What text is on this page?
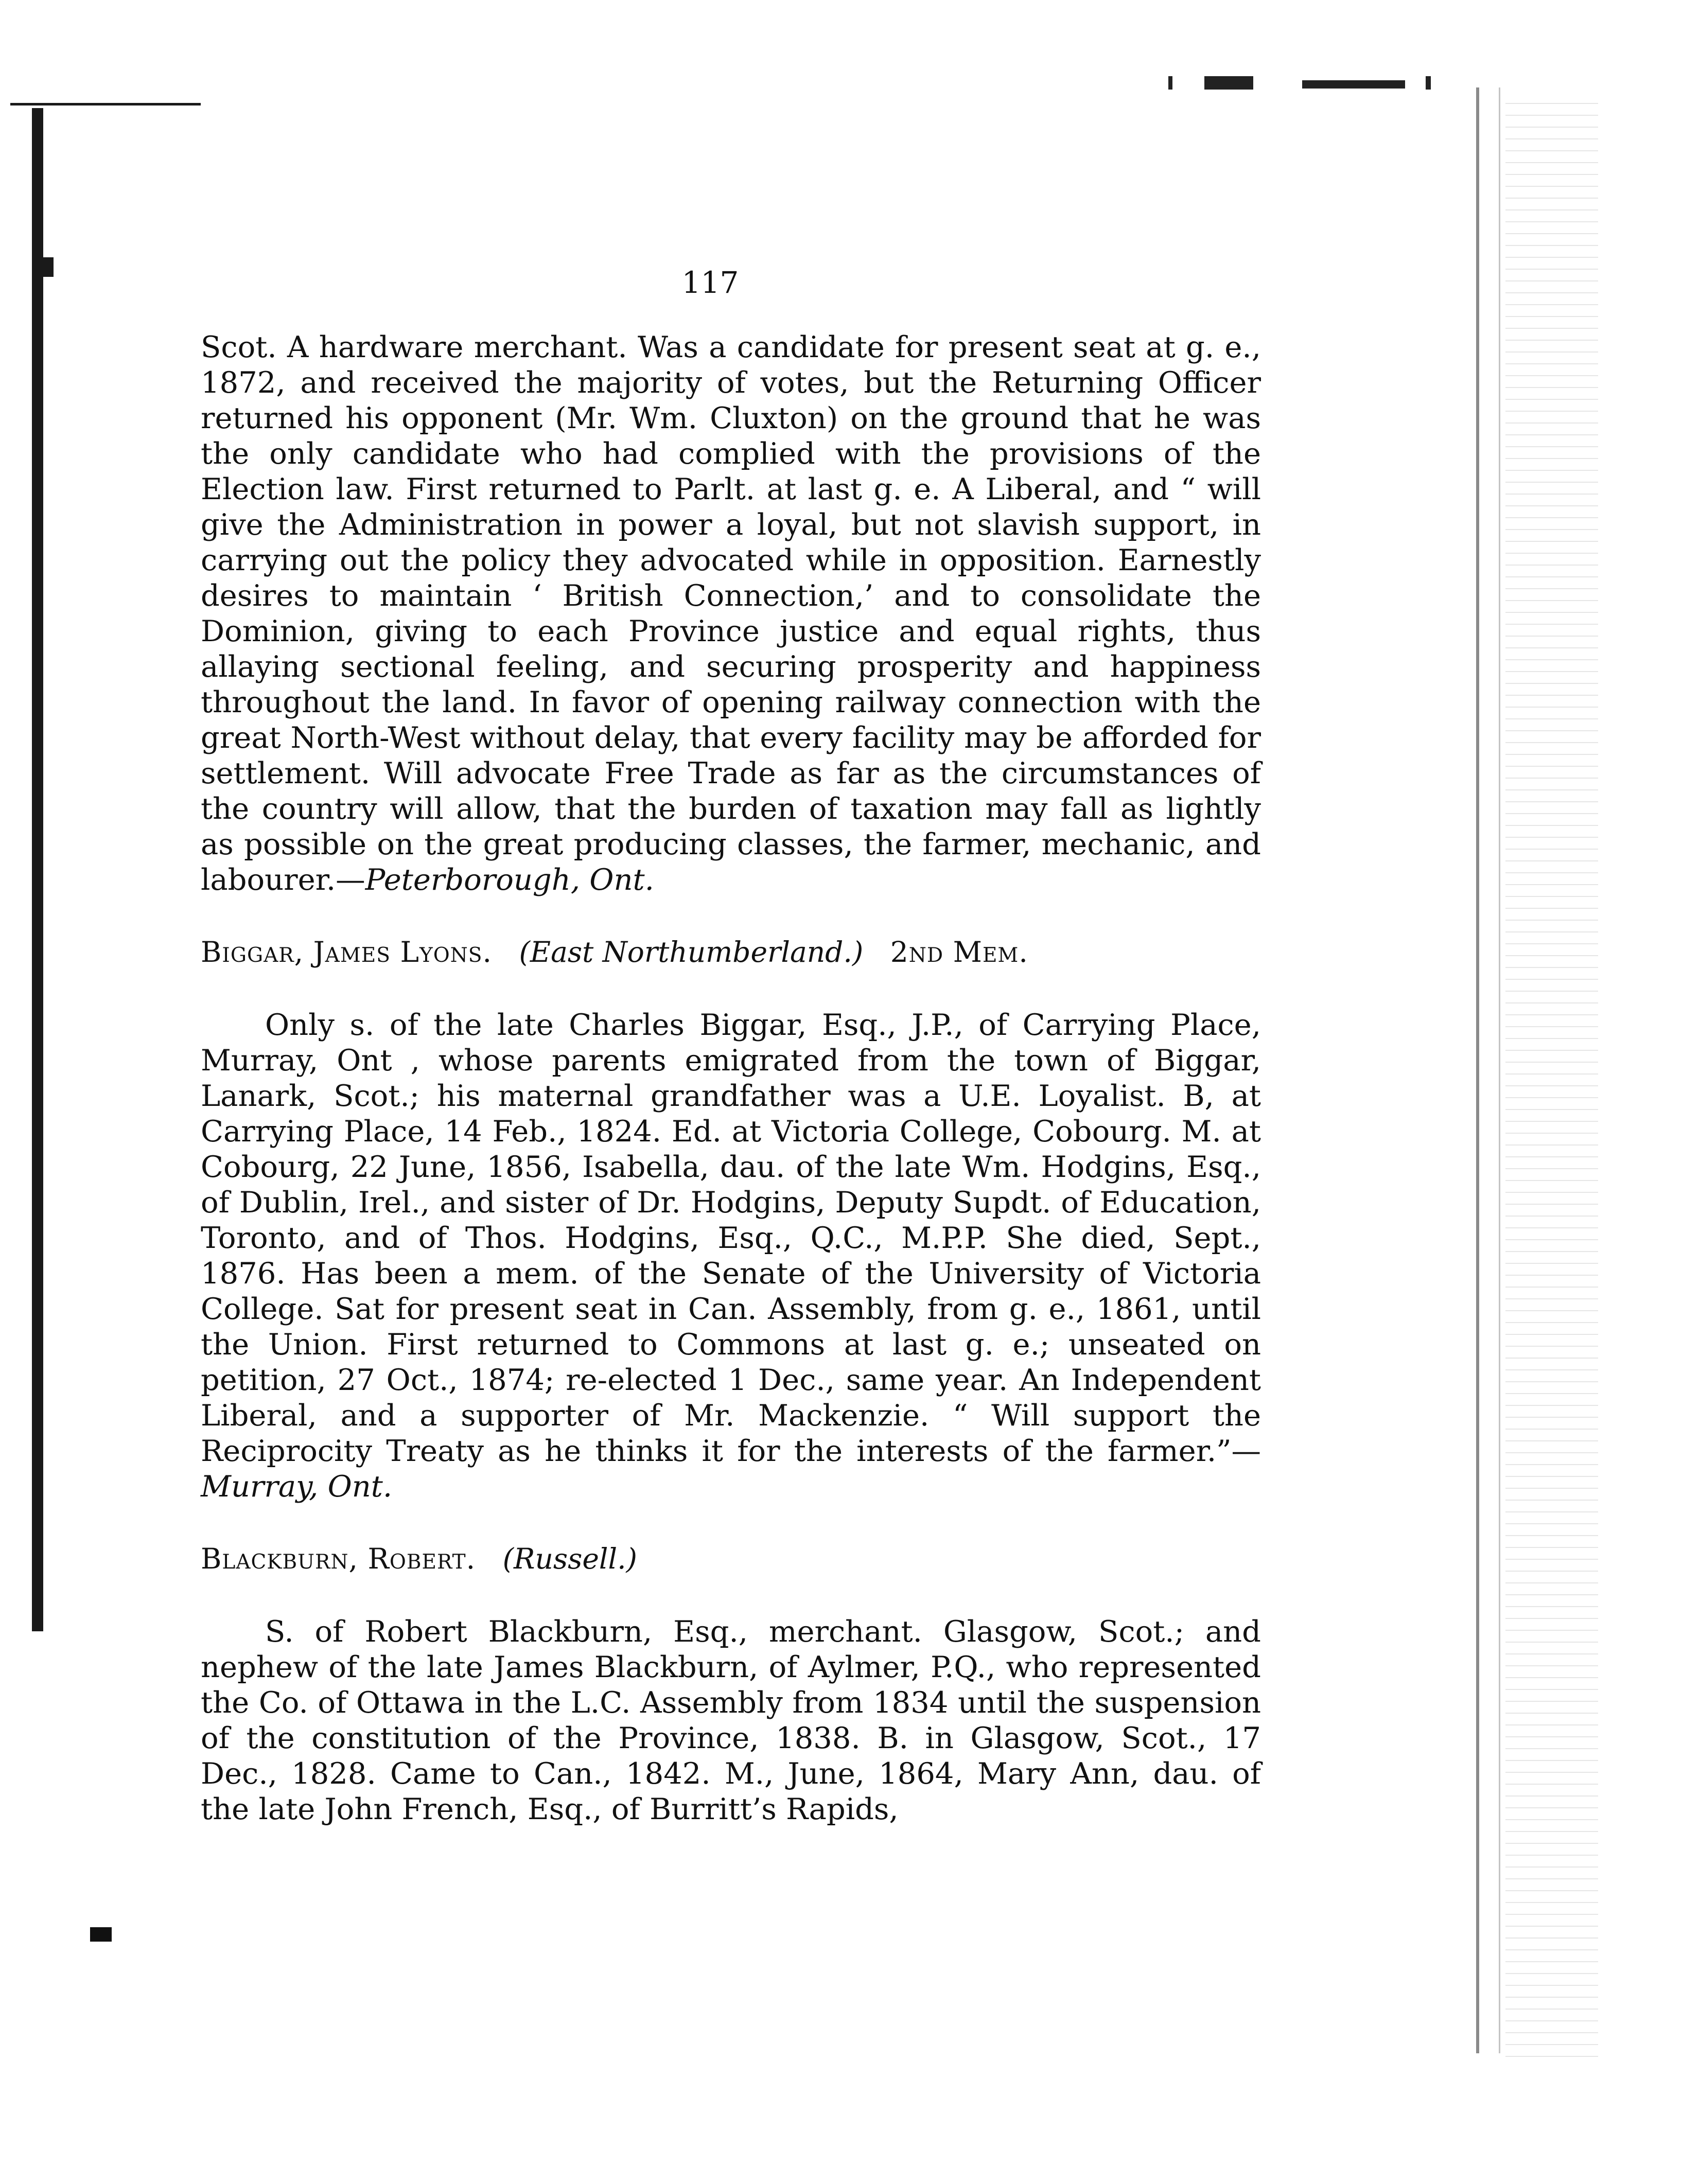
117

Scot. A hardware merchant. Was a candidate for present seat at g. e., 1872, and received the majority of votes, but the Returning Officer returned his opponent (Mr. Wm. Cluxton) on the ground that he was the only candidate who had complied with the provisions of the Election law. First returned to Parlt. at last g. e. A Liberal, and “ will give the Administration in power a loyal, but not slavish support, in carrying out the policy they advocated while in opposition. Earnestly desires to maintain ‘ British Connection,’ and to consolidate the Dominion, giving to each Province justice and equal rights, thus allaying sectional feeling, and securing prosperity and happiness throughout the land. In favor of opening railway connection with the great North-West without delay, that every facility may be afforded for settlement. Will advocate Free Trade as far as the circumstances of the country will allow, that the burden of taxation may fall as lightly as possible on the great producing classes, the farmer, mechanic, and labourer.—Peterborough, Ont.

Biggar, James Lyons. (East Northumberland.) 2nd Mem.

Only s. of the late Charles Biggar, Esq., J.P., of Carrying Place, Murray, Ont , whose parents emigrated from the town of Biggar, Lanark, Scot.; his maternal grandfather was a U.E. Loyalist. B, at Carrying Place, 14 Feb., 1824. Ed. at Victoria College, Cobourg. M. at Cobourg, 22 June, 1856, Isabella, dau. of the late Wm. Hodgins, Esq., of Dublin, Irel., and sister of Dr. Hodgins, Deputy Supdt. of Education, Toronto, and of Thos. Hodgins, Esq., Q.C., M.P.P. She died, Sept., 1876. Has been a mem. of the Senate of the University of Victoria College. Sat for present seat in Can. Assembly, from g. e., 1861, until the Union. First returned to Commons at last g. e.; unseated on petition, 27 Oct., 1874; re-elected 1 Dec., same year. An Independent Liberal, and a supporter of Mr. Mackenzie. “ Will support the Reciprocity Treaty as he thinks it for the interests of the farmer.”—Murray, Ont.

Blackburn, Robert. (Russell.)

S. of Robert Blackburn, Esq., merchant. Glasgow, Scot.; and nephew of the late James Blackburn, of Aylmer, P.Q., who represented the Co. of Ottawa in the L.C. Assembly from 1834 until the suspension of the constitution of the Province, 1838. B. in Glasgow, Scot., 17 Dec., 1828. Came to Can., 1842. M., June, 1864, Mary Ann, dau. of the late John French, Esq., of Burritt’s Rapids,
